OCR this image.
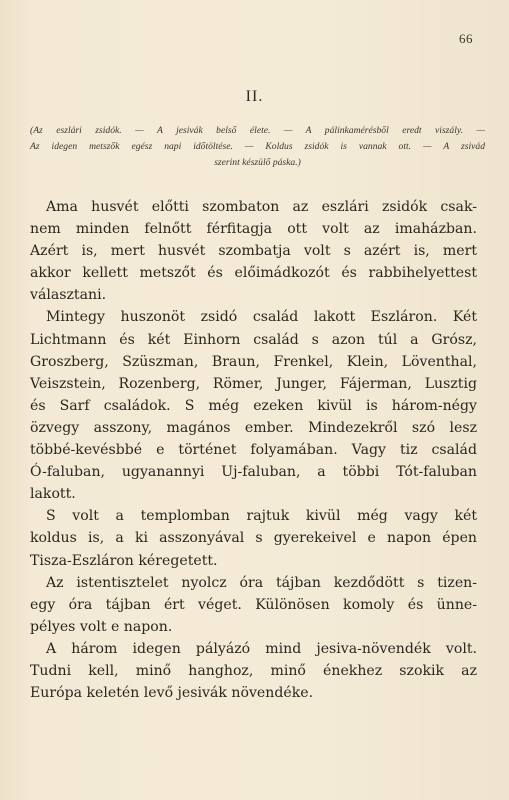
66
II.
(Az eszlári zsidók. — A jesivák belső élete. — A pálinkamérésből eredt viszály. —
Az idegen metszők egész napi időtöltése. — Koldus zsidók is vannak ott. — A zsivád
szerint készülő páska.)
Ama husvét előtti szombaton az eszlári zsidók csak-
nem minden felnőtt férfitagja ott volt az imaházban.
Azért is, mert husvét szombatja volt s azért is, mert
akkor kellett metszőt és előimádkozót és rabbihelyettest
választani.
Mintegy huszonöt zsidó család lakott Eszláron. Két
Lichtmann és két Einhorn család s azon túl a Grósz,
Groszberg, Szüszman, Braun, Frenkel, Klein, Löventhal,
Veiszstein, Rozenberg, Römer, Junger, Fájerman, Lusztig
és Sarf családok. S még ezeken kivül is három-négy
özvegy asszony, magános ember. Mindezekről szó lesz
többé-kevésbbé e történet folyamában. Vagy tiz család
Ó-faluban, ugyanannyi Uj-faluban, a többi Tót-faluban
lakott.
S volt a templomban rajtuk kivül még vagy két
koldus is, a ki asszonyával s gyerekeivel e napon épen
Tisza-Eszláron kéregetett.
Az istentisztelet nyolcz óra tájban kezdődött s tizen-
egy óra tájban ért véget. Különösen komoly és ünne-
pélyes volt e napon.
A három idegen pályázó mind jesiva-növendék volt.
Tudni kell, minő hanghoz, minő énekhez szokik az
Európa keletén levő jesivák növendéke.
